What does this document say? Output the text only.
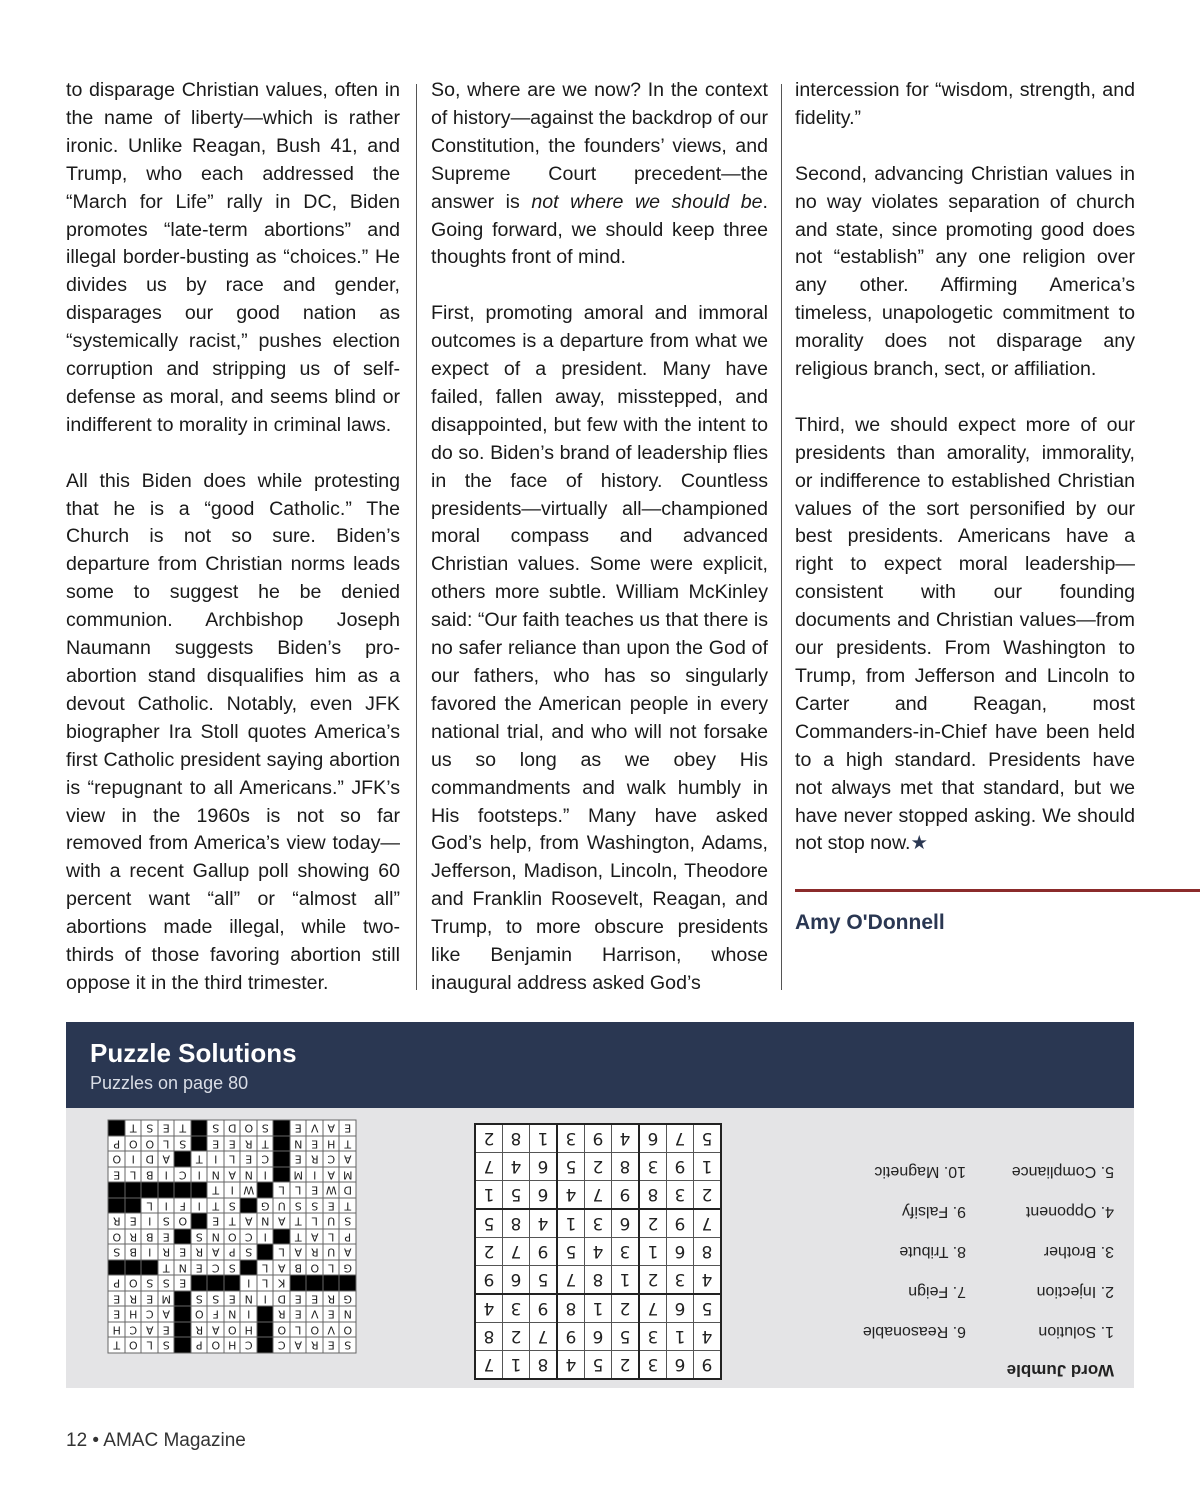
to disparage Christian values, often in the name of liberty—which is rather ironic. Unlike Reagan, Bush 41, and Trump, who each addressed the “March for Life” rally in DC, Biden promotes “late-term abortions” and illegal border-busting as “choices.” He divides us by race and gender, disparages our good nation as “systemically racist,” pushes election corruption and stripping us of self-defense as moral, and seems blind or indifferent to morality in criminal laws.

All this Biden does while protesting that he is a “good Catholic.” The Church is not so sure. Biden’s departure from Christian norms leads some to suggest he be denied communion. Archbishop Joseph Naumann suggests Biden’s pro-abortion stand disqualifies him as a devout Catholic. Notably, even JFK biographer Ira Stoll quotes America’s first Catholic president saying abortion is “repugnant to all Americans.” JFK’s view in the 1960s is not so far removed from America’s view today—with a recent Gallup poll showing 60 percent want “all” or “almost all” abortions made illegal, while two-thirds of those favoring abortion still oppose it in the third trimester.

So, where are we now? In the context of history—against the backdrop of our Constitution, the founders’ views, and Supreme Court precedent—the answer is not where we should be. Going forward, we should keep three thoughts front of mind.

First, promoting amoral and immoral outcomes is a departure from what we expect of a president. Many have failed, fallen away, misstepped, and disappointed, but few with the intent to do so. Biden’s brand of leadership flies in the face of history. Countless presidents—virtually all—championed moral compass and advanced Christian values. Some were explicit, others more subtle. William McKinley said: “Our faith teaches us that there is no safer reliance than upon the God of our fathers, who has so singularly favored the American people in every national trial, and who will not forsake us so long as we obey His commandments and walk humbly in His footsteps.” Many have asked God’s help, from Washington, Adams, Jefferson, Madison, Lincoln, Theodore and Franklin Roosevelt, Reagan, and Trump, to more obscure presidents like Benjamin Harrison, whose inaugural address asked God’s

intercession for “wisdom, strength, and fidelity.”

Second, advancing Christian values in no way violates separation of church and state, since promoting good does not “establish” any one religion over any other. Affirming America’s timeless, unapologetic commitment to morality does not disparage any religious branch, sect, or affiliation.

Third, we should expect more of our presidents than amorality, immorality, or indifference to established Christian values of the sort personified by our best presidents. Americans have a right to expect moral leadership—consistent with our founding documents and Christian values—from our presidents. From Washington to Trump, from Jefferson and Lincoln to Carter and Reagan, most Commanders-in-Chief have been held to a high standard. Presidents have not always met that standard, but we have never stopped asking. We should not stop now.★

Amy O'Donnell
Puzzle Solutions
Puzzles on page 80
S	E	R	A	C		C	H	O	P		S	L	O	T
O	V	O	L	O		H	O	A	R		E	A	C	H
N	E	V	E	R		I	N	F	O		A	C	H	E
G	R	E	E	D	I	N	E	S	S		M	E	R	E
				K	L	I				E	S	S	O	P
G	L	O	B	A	L		S	C	E	N	T			
A	U	R	A	L		S	P	A	R	E	R	I	B	S
P	L	A	T		I	C	O	N	S		E	B	R	O
S	U	L	T	A	N	A	T	E		O	S	I	E	R
T	E	S	S	U	G		S	T	I	F	I	L		
D	W	E	L	L		W	I	T						
M	A	I	M		I	N	A	N	I	C	I	B	L	E
A	C	R	E		C	E	L	I	T		A	D	I	O
T	H	E	N		T	R	E	E		S	L	O	O	P
E	A	V	E		S	O	D	S		T	E	S	T	
9	6	3	2	5	4	8	1	7
4	1	3	5	6	9	7	2	8
5	6	7	2	1	8	9	3	4
4	3	2	1	8	7	5	6	9
8	6	1	3	4	5	9	7	2
7	9	2	6	3	1	4	8	5
2	3	8	9	7	4	6	5	1
1	9	3	8	2	5	6	4	7
5	7	6	4	9	3	1	8	2
Word Jumble
1. Solution
2. Injection
3. Brother
4. Opponent
5. Compliance
6. Reasonable
7. Feign
8. Tribute
9. Falsify
10. Magnetic
12 • AMAC Magazine
